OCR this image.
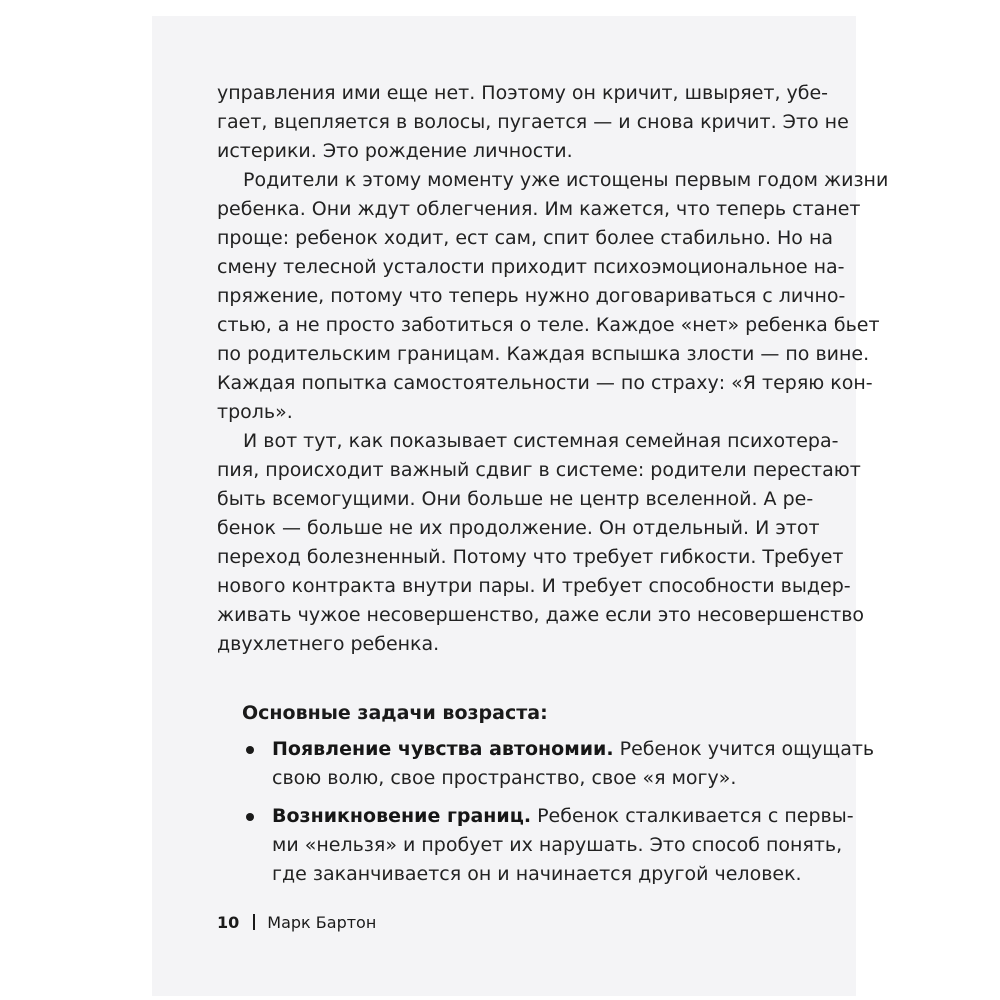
управления ими еще нет. Поэтому он кричит, швыряет, убе-
гает, вцепляется в волосы, пугается — и снова кричит. Это не
истерики. Это рождение личности.
Родители к этому моменту уже истощены первым годом жизни
ребенка. Они ждут облегчения. Им кажется, что теперь станет
проще: ребенок ходит, ест сам, спит более стабильно. Но на
смену телесной усталости приходит психоэмоциональное на-
пряжение, потому что теперь нужно договариваться с лично-
стью, а не просто заботиться о теле. Каждое «нет» ребенка бьет
по родительским границам. Каждая вспышка злости — по вине.
Каждая попытка самостоятельности — по страху: «Я теряю кон-
троль».
И вот тут, как показывает системная семейная психотера-
пия, происходит важный сдвиг в системе: родители перестают
быть всемогущими. Они больше не центр вселенной. А ре-
бенок — больше не их продолжение. Он отдельный. И этот
переход болезненный. Потому что требует гибкости. Требует
нового контракта внутри пары. И требует способности выдер-
живать чужое несовершенство, даже если это несовершенство
двухлетнего ребенка.
Основные задачи возраста:
Появление чувства автономии. Ребенок учится ощущать
свою волю, свое пространство, свое «я могу».
Возникновение границ. Ребенок сталкивается с первы-
ми «нельзя» и пробует их нарушать. Это способ понять,
где заканчивается он и начинается другой человек.
10 Марк Бартон
